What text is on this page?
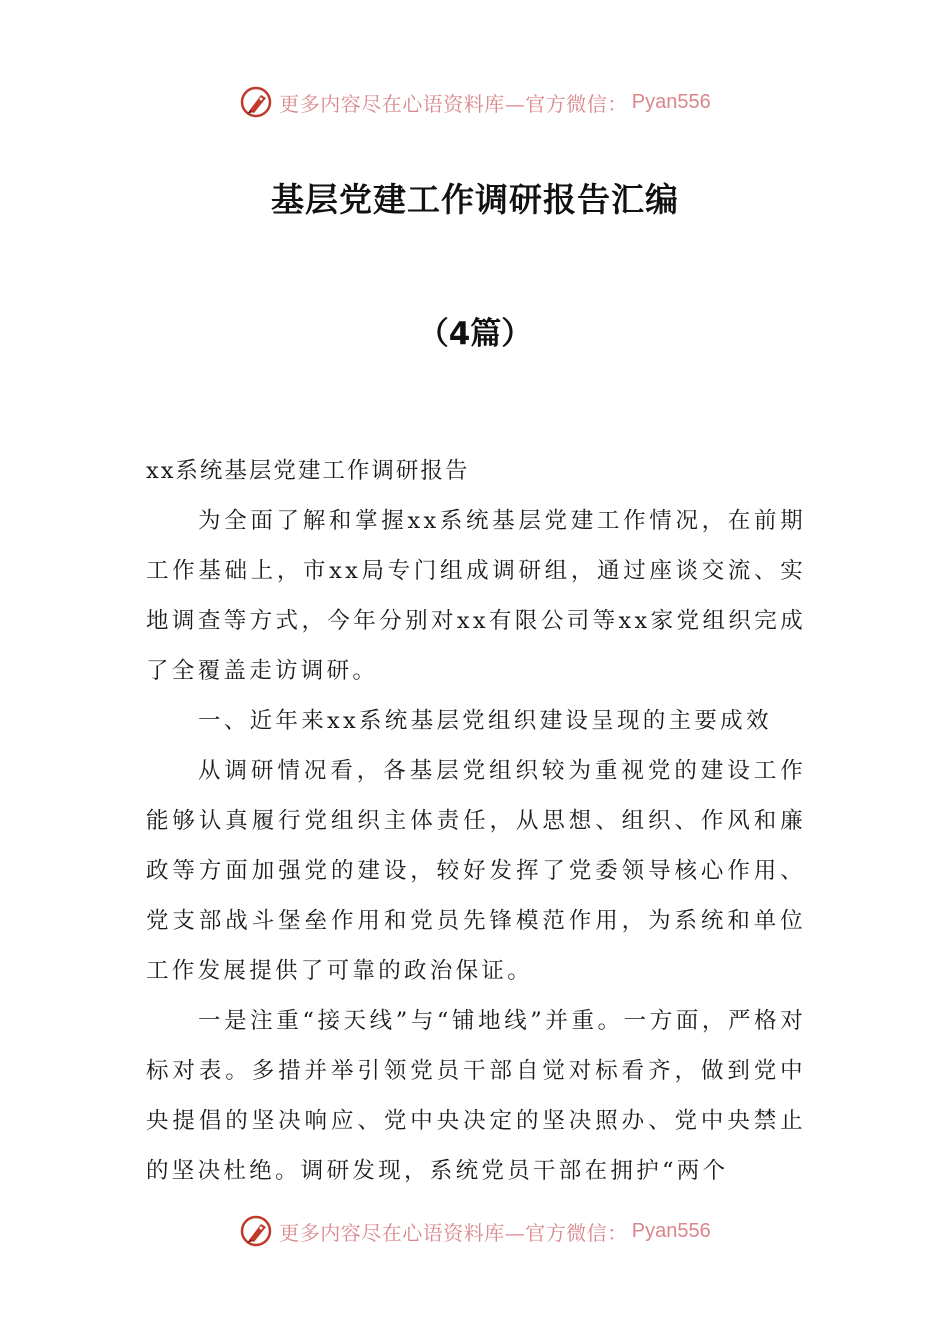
更多内容尽在心语资料库—官方微信： Pyan556
基层党建工作调研报告汇编
（4篇）

xx系统基层党建工作调研报告

为全面了解和掌握xx系统基层党建工作情况，在前期工作基础上，市xx局专门组成调研组，通过座谈交流、实地调查等方式，今年分别对xx有限公司等xx家党组织完成了全覆盖走访调研。

一、近年来xx系统基层党组织建设呈现的主要成效

从调研情况看，各基层党组织较为重视党的建设工作能够认真履行党组织主体责任，从思想、组织、作风和廉政等方面加强党的建设，较好发挥了党委领导核心作用、党支部战斗堡垒作用和党员先锋模范作用，为系统和单位工作发展提供了可靠的政治保证。

一是注重“接天线”与“铺地线”并重。一方面，严格对标对表。多措并举引领党员干部自觉对标看齐，做到党中央提倡的坚决响应、党中央决定的坚决照办、党中央禁止的坚决杜绝。调研发现，系统党员干部在拥护“两个

更多内容尽在心语资料库—官方微信： Pyan556
